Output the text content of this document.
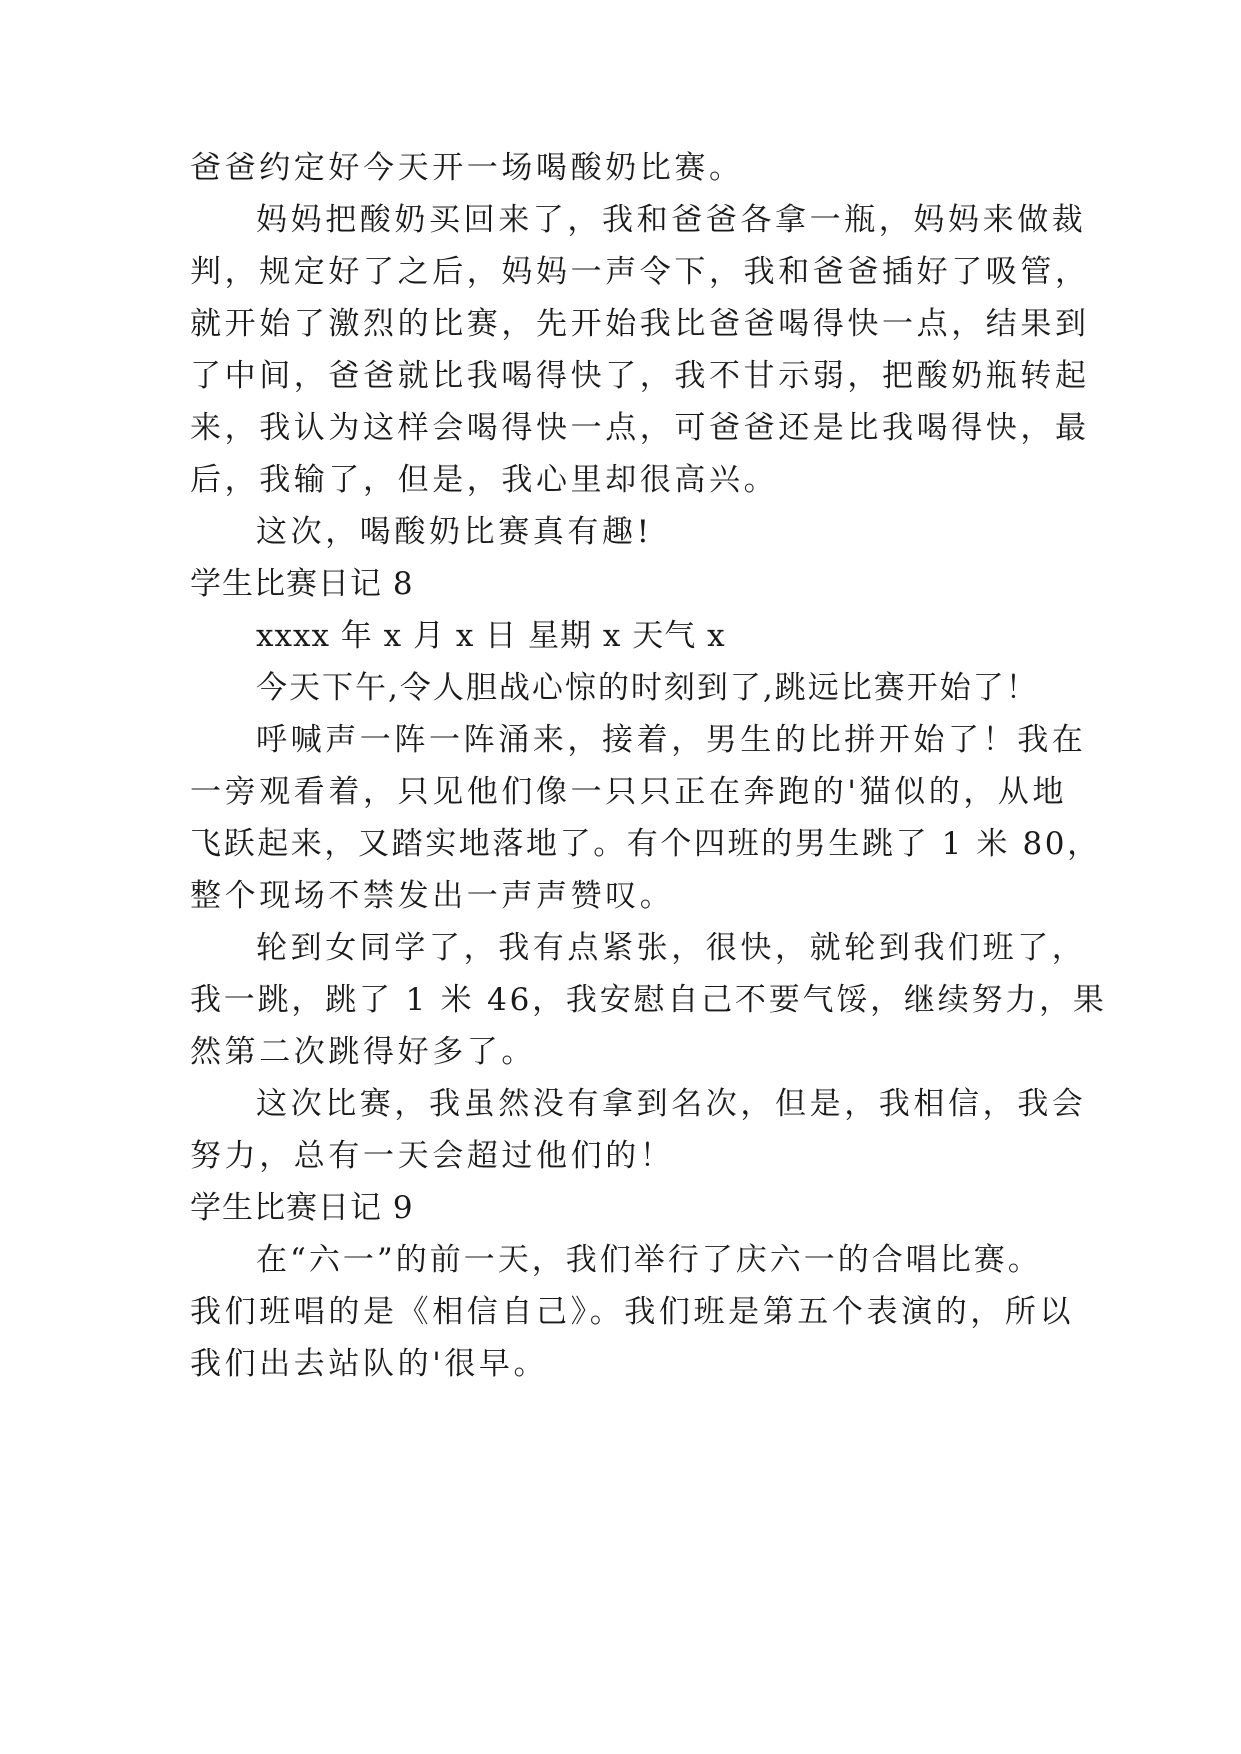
爸爸约定好今天开一场喝酸奶比赛。
妈妈把酸奶买回来了，我和爸爸各拿一瓶，妈妈来做裁
判，规定好了之后，妈妈一声令下，我和爸爸插好了吸管，
就开始了激烈的比赛，先开始我比爸爸喝得快一点，结果到
了中间，爸爸就比我喝得快了，我不甘示弱，把酸奶瓶转起
来，我认为这样会喝得快一点，可爸爸还是比我喝得快，最
后，我输了，但是，我心里却很高兴。
这次，喝酸奶比赛真有趣!
学生比赛日记 8
xxxx 年 x 月 x 日 星期 x 天气 x
今天下午,令人胆战心惊的时刻到了,跳远比赛开始了！
呼喊声一阵一阵涌来，接着，男生的比拼开始了！我在
一旁观看着，只见他们像一只只正在奔跑的'猫似的，从地
飞跃起来，又踏实地落地了。有个四班的男生跳了 1 米 80，
整个现场不禁发出一声声赞叹。
轮到女同学了，我有点紧张，很快，就轮到我们班了，
我一跳，跳了 1 米 46，我安慰自己不要气馁，继续努力，果
然第二次跳得好多了。
这次比赛，我虽然没有拿到名次，但是，我相信，我会
努力，总有一天会超过他们的！
学生比赛日记 9
在“六一”的前一天，我们举行了庆六一的合唱比赛。
我们班唱的是《相信自己》。我们班是第五个表演的，所以
我们出去站队的'很早。
